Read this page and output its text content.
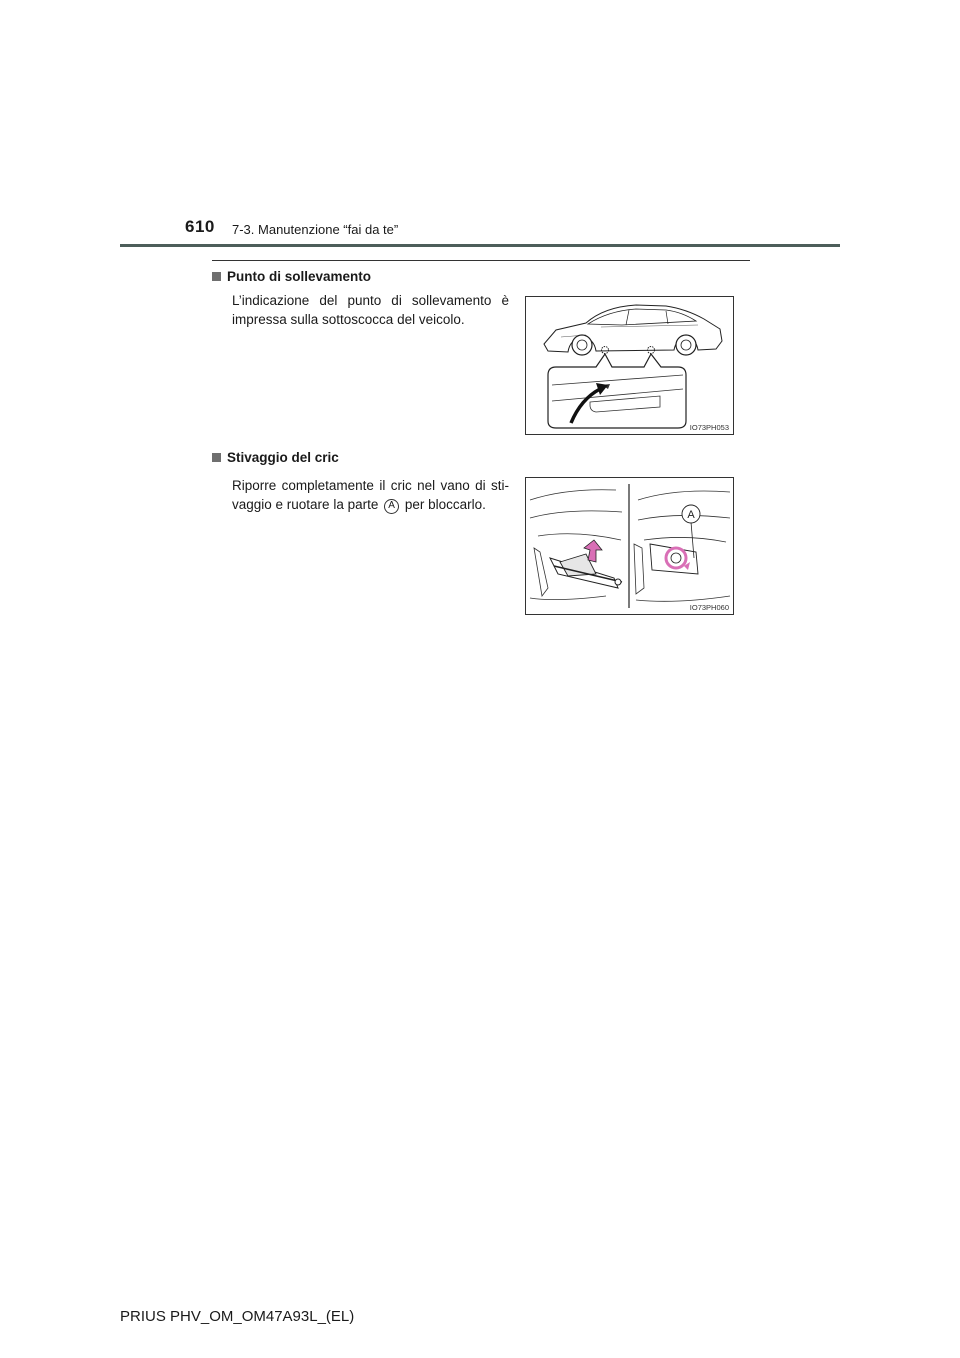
610 7-3. Manutenzione “fai da te”
Punto di sollevamento
L’indicazione del punto di sollevamento è impressa sulla sottoscocca del veicolo.
IO73PH053
Stivaggio del cric
Riporre completamente il cric nel vano di sti-vaggio e ruotare la parte A per bloccarlo.
A
IO73PH060
PRIUS PHV_OM_OM47A93L_(EL)
